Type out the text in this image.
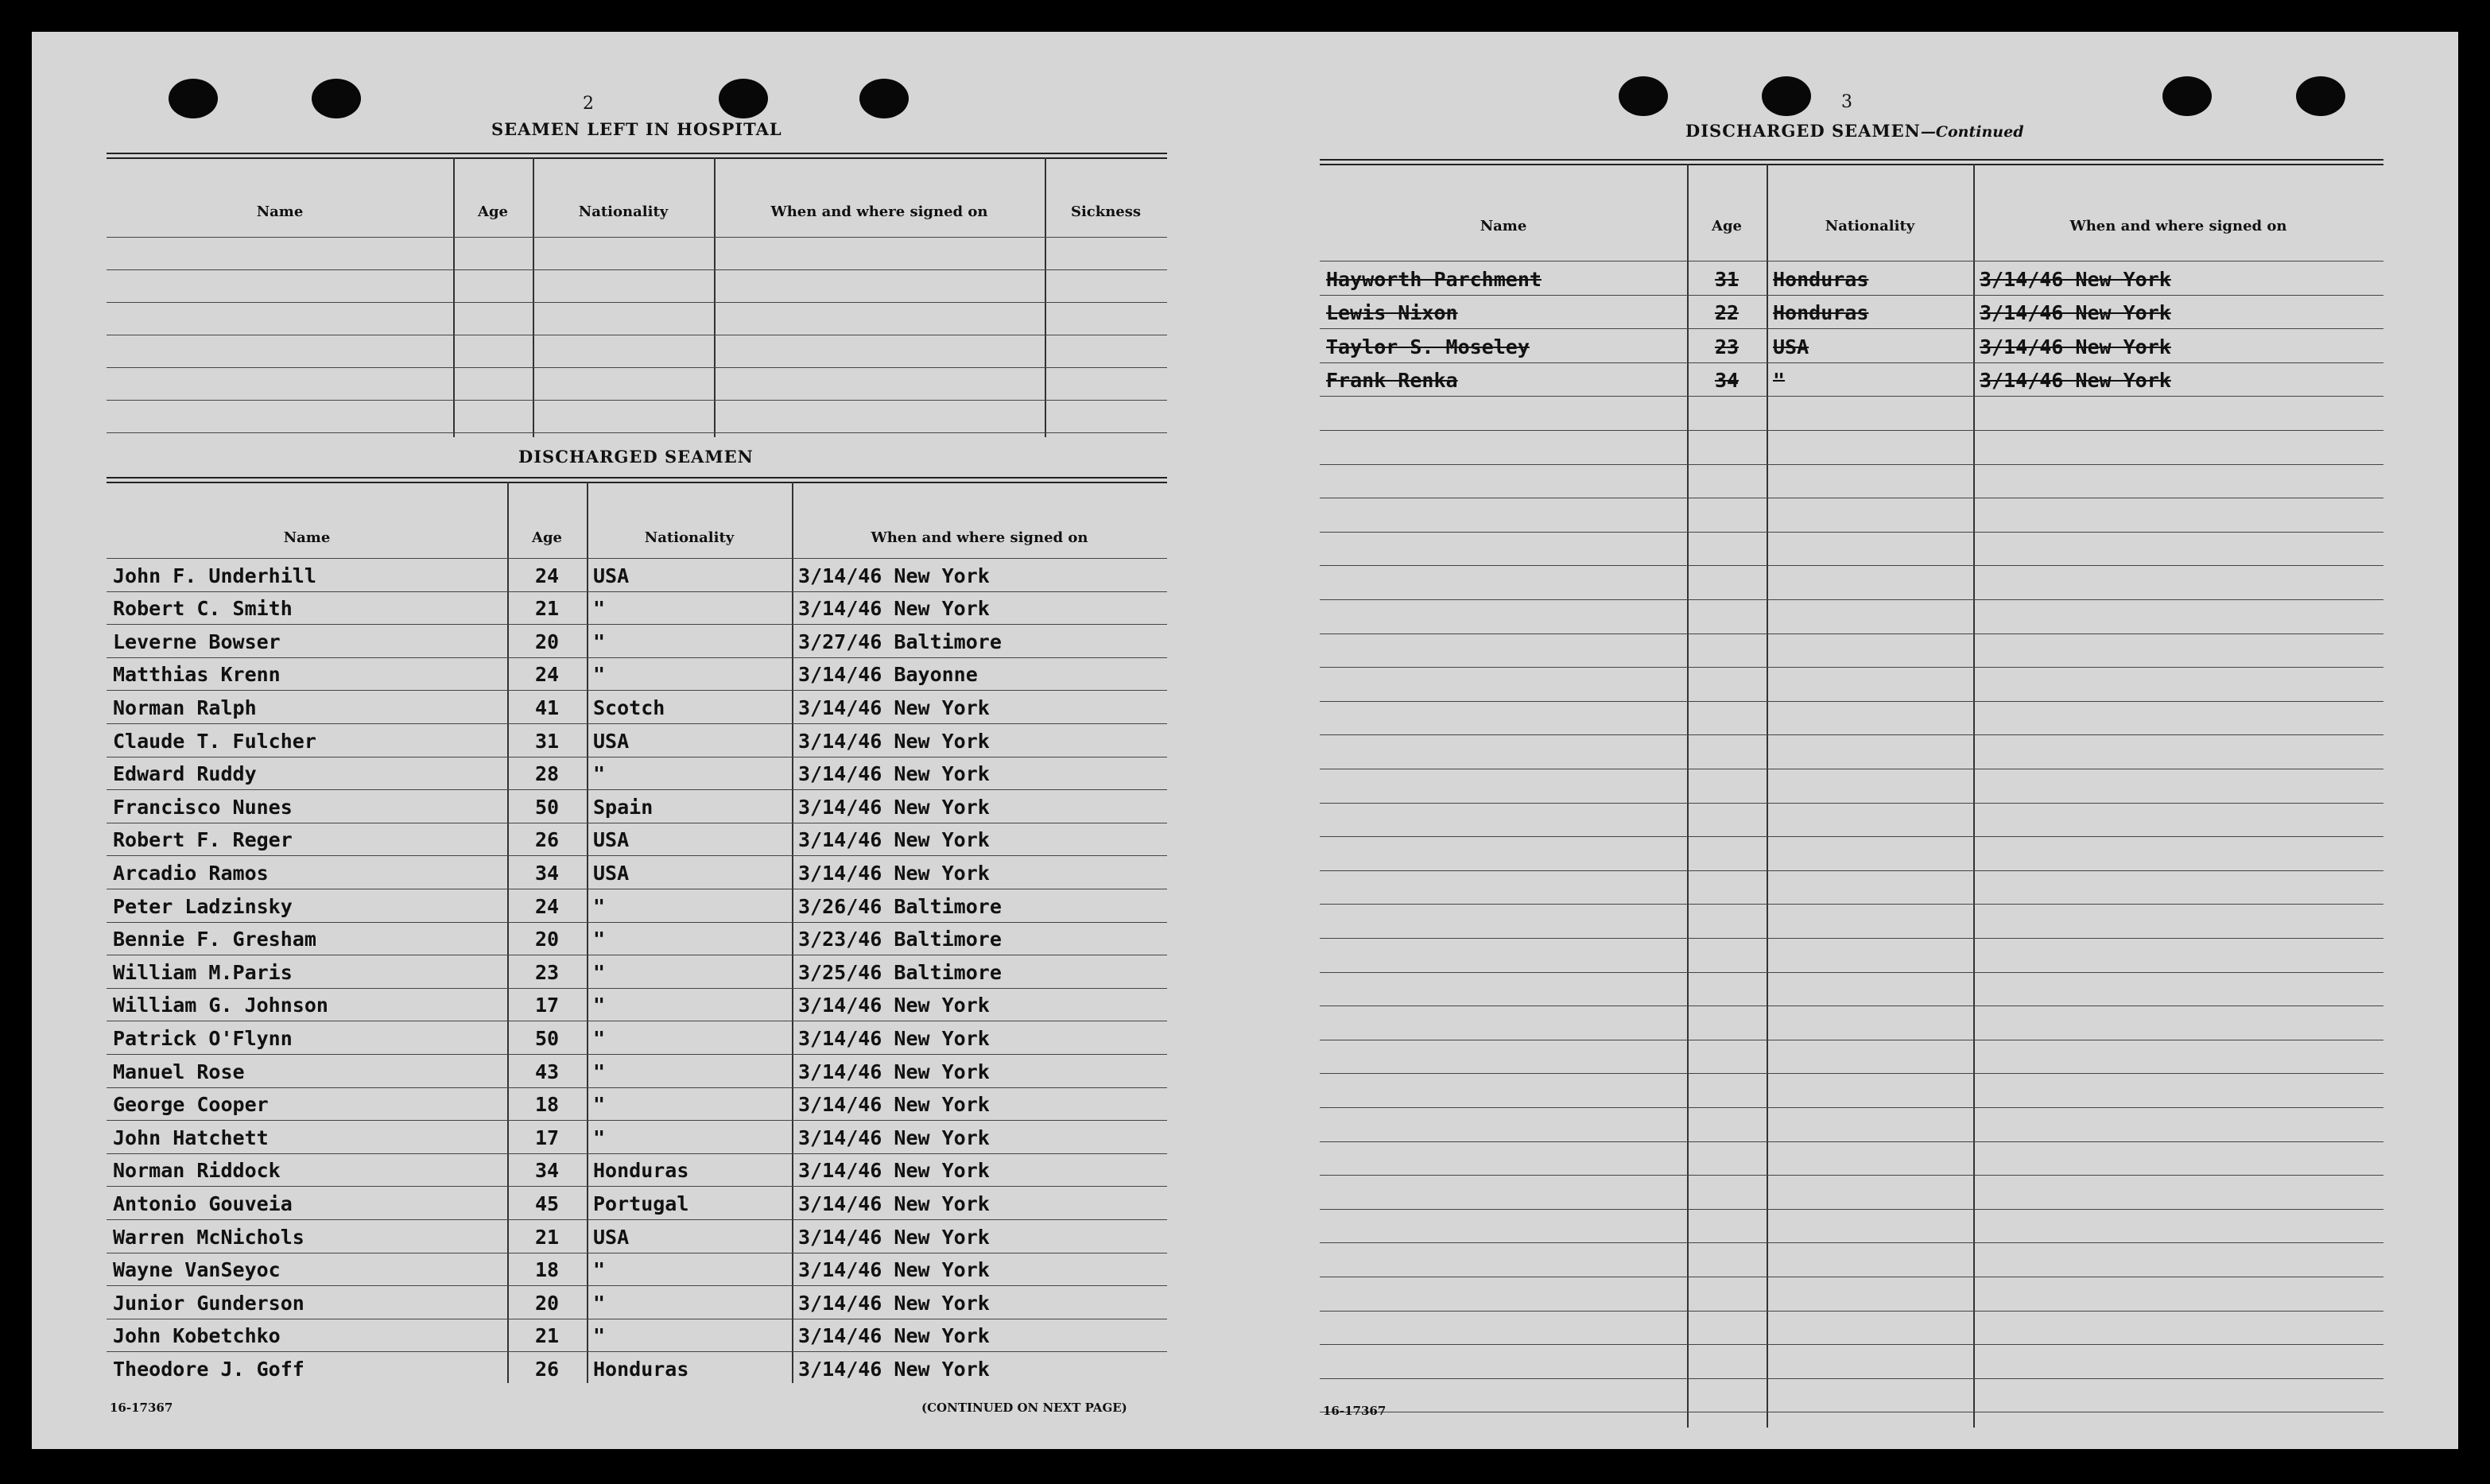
2
SEAMEN LEFT IN HOSPITAL
Name	Age	Nationality	When and where signed on	Sickness
DISCHARGED SEAMEN
Name	Age	Nationality	When and where signed on
John F. Underhill	24	USA	3/14/46 New York
Robert C. Smith	21	"	3/14/46 New York
Leverne Bowser	20	"	3/27/46 Baltimore
Matthias Krenn	24	"	3/14/46 Bayonne
Norman Ralph	41	Scotch	3/14/46 New York
Claude T. Fulcher	31	USA	3/14/46 New York
Edward Ruddy	28	"	3/14/46 New York
Francisco Nunes	50	Spain	3/14/46 New York
Robert F. Reger	26	USA	3/14/46 New York
Arcadio Ramos	34	USA	3/14/46 New York
Peter Ladzinsky	24	"	3/26/46 Baltimore
Bennie F. Gresham	20	"	3/23/46 Baltimore
William M.Paris	23	"	3/25/46 Baltimore
William G. Johnson	17	"	3/14/46 New York
Patrick O'Flynn	50	"	3/14/46 New York
Manuel Rose	43	"	3/14/46 New York
George Cooper	18	"	3/14/46 New York
John Hatchett	17	"	3/14/46 New York
Norman Riddock	34	Honduras	3/14/46 New York
Antonio Gouveia	45	Portugal	3/14/46 New York
Warren McNichols	21	USA	3/14/46 New York
Wayne VanSeyoc	18	"	3/14/46 New York
Junior Gunderson	20	"	3/14/46 New York
John Kobetchko	21	"	3/14/46 New York
Theodore J. Goff	26	Honduras	3/14/46 New York
16-17367	(CONTINUED ON NEXT PAGE)
3
DISCHARGED SEAMEN—Continued
Name	Age	Nationality	When and where signed on
Hayworth Parchment	31	Honduras	3/14/46 New York
Lewis Nixon	22	Honduras	3/14/46 New York
Taylor S. Moseley	23	USA	3/14/46 New York
Frank Renka	34	"	3/14/46 New York
16-17367
